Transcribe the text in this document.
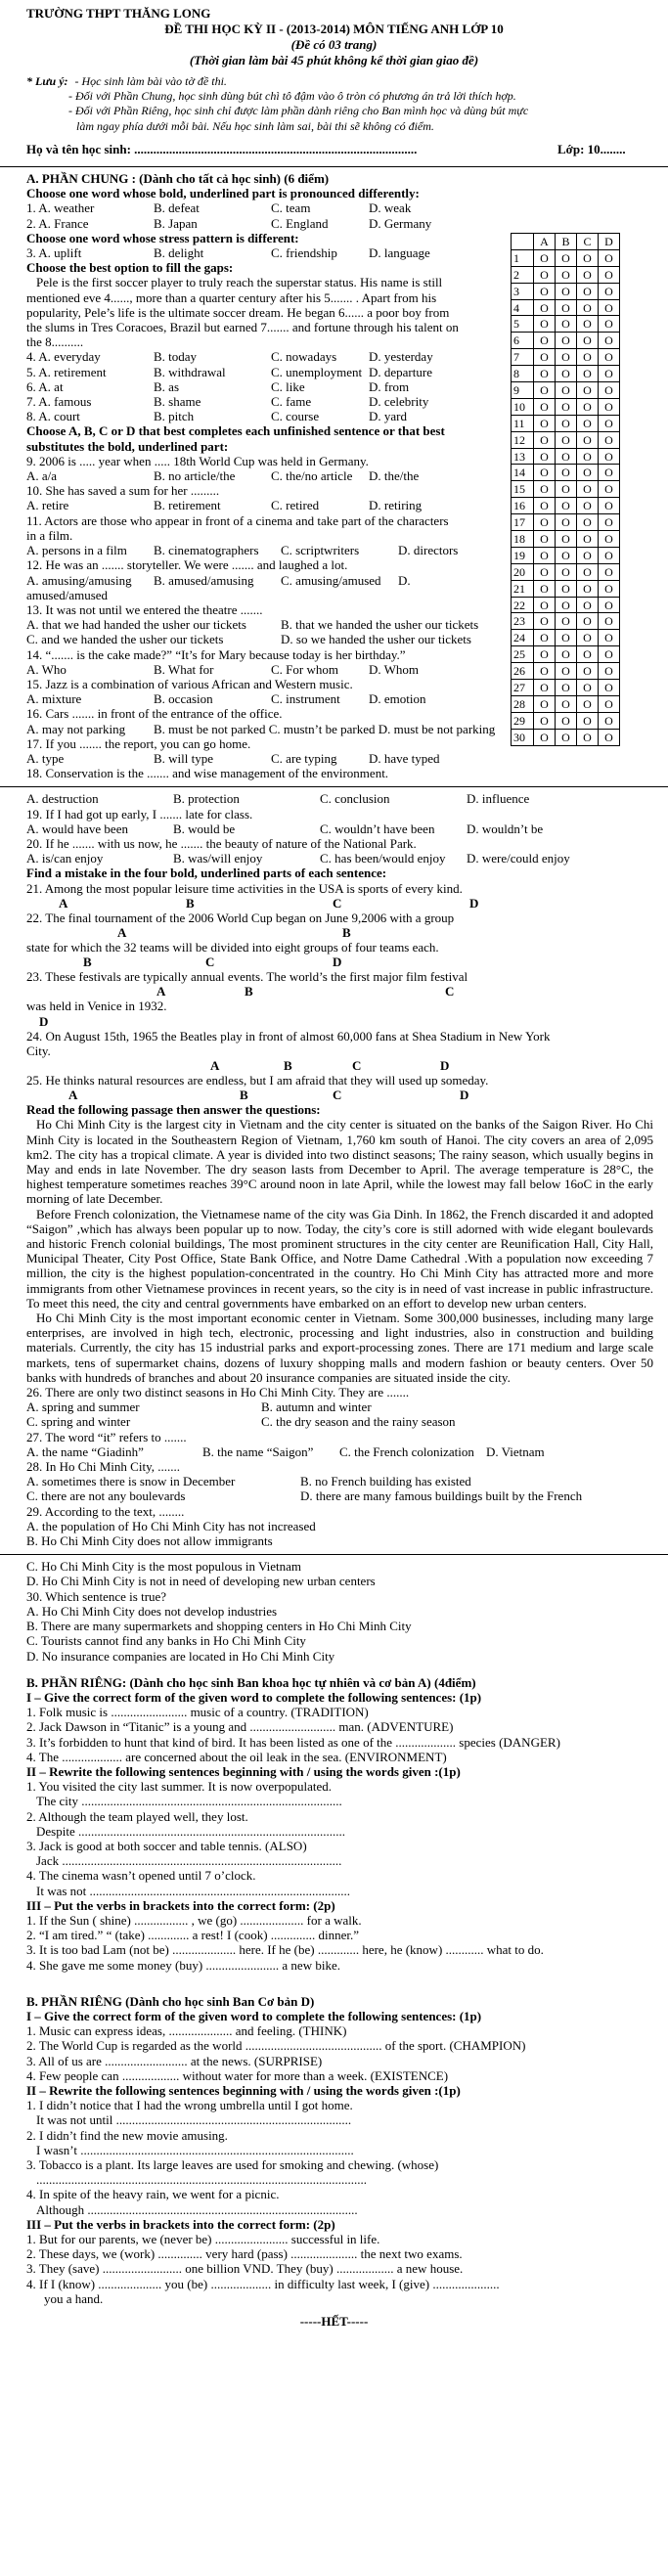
TRƯỜNG THPT THĂNG LONG
ĐỀ THI HỌC KỲ II - (2013-2014) MÔN TIẾNG ANH LỚP 10
(Đề có 03 trang)
(Thời gian làm bài 45 phút không kể thời gian giao đề)
* Lưu ý: - Học sinh làm bài vào tờ đề thi.
- Đối với Phần Chung, học sinh dùng bút chì tô đậm vào ô tròn có phương án trả lời thích hợp.
- Đối với Phần Riêng, học sinh chỉ được làm phần dành riêng cho Ban mình học và dùng bút mực
làm ngay phía dưới mỗi bài. Nếu học sinh làm sai, bài thi sẽ không có điểm.
Họ và tên học sinh: .........................................................................................	Lớp: 10........
	A	B	C	D
1	O	O	O	O
2	O	O	O	O
3	O	O	O	O
4	O	O	O	O
5	O	O	O	O
6	O	O	O	O
7	O	O	O	O
8	O	O	O	O
9	O	O	O	O
10	O	O	O	O
11	O	O	O	O
12	O	O	O	O
13	O	O	O	O
14	O	O	O	O
15	O	O	O	O
16	O	O	O	O
17	O	O	O	O
18	O	O	O	O
19	O	O	O	O
20	O	O	O	O
21	O	O	O	O
22	O	O	O	O
23	O	O	O	O
24	O	O	O	O
25	O	O	O	O
26	O	O	O	O
27	O	O	O	O
28	O	O	O	O
29	O	O	O	O
30	O	O	O	O
A. PHẦN CHUNG : (Dành cho tất cả học sinh) (6 điểm)
Choose one word whose bold, underlined part is pronounced differently:
1. A. weather	B. defeat	C. team	D. weak
2. A. France	B. Japan	C. England	D. Germany
Choose one word whose stress pattern is different:
3. A. uplift	B. delight	C. friendship D. language
Choose the best option to fill the gaps:
Pele is the first soccer player to truly reach the superstar status. His name is still
mentioned eve 4......, more than a quarter century after his 5....... . Apart from his
popularity, Pele’s life is the ultimate soccer dream. He began 6...... a poor boy from
the slums in Tres Coracoes, Brazil but earned 7....... and fortune through his talent on
the 8..........
4. A. everyday	B. today	C. nowadays	D. yesterday
5. A. retirement	B. withdrawal	C. unemployment D. departure
6. A. at	B. as	C. like	D. from
7. A. famous	B. shame	C. fame	D. celebrity
8. A. court	B. pitch	C. course	D. yard
Choose A, B, C or D that best completes each unfinished sentence or that best
substitutes the bold, underlined part:
9. 2006 is ..... year when ..... 18th World Cup was held in Germany.
A. a/a	B. no article/the	C. the/no article D. the/the
10. She has saved a sum for her .........
A. retire	B. retirement	C. retired	D. retiring
11. Actors are those who appear in front of a cinema and take part of the characters
in a film.
A. persons in a film B. cinematographers C. scriptwriters	D. directors
12. He was an ....... storyteller. We were ....... and laughed a lot.
A. amusing/amusing B. amused/amusing C. amusing/amused D.
amused/amused
13. It was not until we entered the theatre .......
A. that we had handed the usher our tickets	B. that we handed the usher our tickets
C. and we handed the usher our tickets	D. so we handed the usher our tickets
14. “....... is the cake made?” “It’s for Mary because today is her birthday.”
A. Who	B. What for	C. For whom D. Whom
15. Jazz is a combination of various African and Western music.
A. mixture	B. occasion	C. instrument D. emotion
16. Cars ....... in front of the entrance of the office.
A. may not parking B. must be not parked C. mustn’t be parked D. must be not parking
17. If you ....... the report, you can go home.
A. type	B. will type	C. are typing D. have typed
18. Conservation is the ....... and wise management of the environment.
A. destruction	B. protection	C. conclusion	D. influence
19. If I had got up early, I ....... late for class.
A. would have been	B. would be	C. wouldn’t have been	D. wouldn’t be
20. If he ....... with us now, he ....... the beauty of nature of the National Park.
A. is/can enjoy	B. was/will enjoy	C. has been/would enjoy D. were/could enjoy
Find a mistake in the four bold, underlined parts of each sentence:
21. Among the most popular leisure time activities in the USA is sports of every kind.
A	B	C	D
22. The final tournament of the 2006 World Cup began on June 9,2006 with a group
A	B
state for which the 32 teams will be divided into eight groups of four teams each.
B	C	D
23. These festivals are typically annual events. The world’s the first major film festival
A	B	C
was held in Venice in 1932.
D
24. On August 15th, 1965 the Beatles play in front of almost 60,000 fans at Shea Stadium in New York
City.
A	B	C	D
25. He thinks natural resources are endless, but I am afraid that they will used up someday.
A	B	C	D
Read the following passage then answer the questions:
Ho Chi Minh City is the largest city in Vietnam and the city center is situated on the banks of the Saigon River. Ho Chi Minh City is located in the Southeastern Region of Vietnam, 1,760 km south of Hanoi. The city covers an area of 2,095 km2. The city has a tropical climate. A year is divided into two distinct seasons; The rainy season, which usually begins in May and ends in late November. The dry season lasts from December to April. The average temperature is 28°C, the highest temperature sometimes reaches 39°C around noon in late April, while the lowest may fall below 16oC in the early morning of late December.
Before French colonization, the Vietnamese name of the city was Gia Dinh. In 1862, the French discarded it and adopted “Saigon” ,which has always been popular up to now. Today, the city’s core is still adorned with wide elegant boulevards and historic French colonial buildings, The most prominent structures in the city center are Reunification Hall, City Hall, Municipal Theater, City Post Office, State Bank Office, and Notre Dame Cathedral .With a population now exceeding 7 million, the city is the highest population-concentrated in the country. Ho Chi Minh City has attracted more and more immigrants from other Vietnamese provinces in recent years, so the city is in need of vast increase in public infrastructure. To meet this need, the city and central governments have embarked on an effort to develop new urban centers.
Ho Chi Minh City is the most important economic center in Vietnam. Some 300,000 businesses, including many large enterprises, are involved in high tech, electronic, processing and light industries, also in construction and building materials. Currently, the city has 15 industrial parks and export-processing zones. There are 171 medium and large scale markets, tens of supermarket chains, dozens of luxury shopping malls and modern fashion or beauty centers. Over 50 banks with hundreds of branches and about 20 insurance companies are situated inside the city.
26. There are only two distinct seasons in Ho Chi Minh City. They are .......
A. spring and summer	B. autumn and winter
C. spring and winter	C. the dry season and the rainy season
27. The word “it” refers to .......
A. the name “Giadinh”	B. the name “Saigon” C. the French colonization D. Vietnam
28. In Ho Chi Minh City, .......
A. sometimes there is snow in December	B. no French building has existed
C. there are not any boulevards	D. there are many famous buildings built by the French
29. According to the text, ........
A. the population of Ho Chi Minh City has not increased
B. Ho Chi Minh City does not allow immigrants
C. Ho Chi Minh City is the most populous in Vietnam
D. Ho Chi Minh City is not in need of developing new urban centers
30. Which sentence is true?
A. Ho Chi Minh City does not develop industries
B. There are many supermarkets and shopping centers in Ho Chi Minh City
C. Tourists cannot find any banks in Ho Chi Minh City
D. No insurance companies are located in Ho Chi Minh City
B. PHẦN RIÊNG: (Dành cho học sinh Ban khoa học tự nhiên và cơ bản A) (4điểm)
I – Give the correct form of the given word to complete the following sentences: (1p)
1. Folk music is ........................ music of a country. (TRADITION)
2. Jack Dawson in “Titanic” is a young and ........................... man. (ADVENTURE)
3. It’s forbidden to hunt that kind of bird. It has been listed as one of the ................... species (DANGER)
4. The ................... are concerned about the oil leak in the sea. (ENVIRONMENT)
II – Rewrite the following sentences beginning with / using the words given :(1p)
1. You visited the city last summer. It is now overpopulated.
The city ..................................................................................
2. Although the team played well, they lost.
Despite ....................................................................................
3. Jack is good at both soccer and table tennis. (ALSO)
Jack ........................................................................................
4. The cinema wasn’t opened until 7 o’clock.
It was not ..................................................................................
III – Put the verbs in brackets into the correct form: (2p)
1. If the Sun ( shine) ................. , we (go) .................... for a walk.
2. “I am tired.” “ (take) ............. a rest! I (cook) .............. dinner.”
3. It is too bad Lam (not be) .................... here. If he (be) ............. here, he (know) ............ what to do.
4. She gave me some money (buy) ....................... a new bike.
B. PHẦN RIÊNG (Dành cho học sinh Ban Cơ bản D)
I – Give the correct form of the given word to complete the following sentences: (1p)
1. Music can express ideas, .................... and feeling. (THINK)
2. The World Cup is regarded as the world ........................................... of the sport. (CHAMPION)
3. All of us are .......................... at the news. (SURPRISE)
4. Few people can .................. without water for more than a week. (EXISTENCE)
II – Rewrite the following sentences beginning with / using the words given :(1p)
1. I didn’t notice that I had the wrong umbrella until I got home.
It was not until ..........................................................................
2. I didn’t find the new movie amusing.
I wasn’t ......................................................................................
3. Tobacco is a plant. Its large leaves are used for smoking and chewing. (whose)
........................................................................................................
4. In spite of the heavy rain, we went for a picnic.
Although .....................................................................................
III – Put the verbs in brackets into the correct form: (2p)
1. But for our parents, we (never be) ....................... successful in life.
2. These days, we (work) .............. very hard (pass) ..................... the next two exams.
3. They (save) ......................... one billion VND. They (buy) .................. a new house.
4. If I (know) .................... you (be) ................... in difficulty last week, I (give) .....................
you a hand.
-----HẾT-----
